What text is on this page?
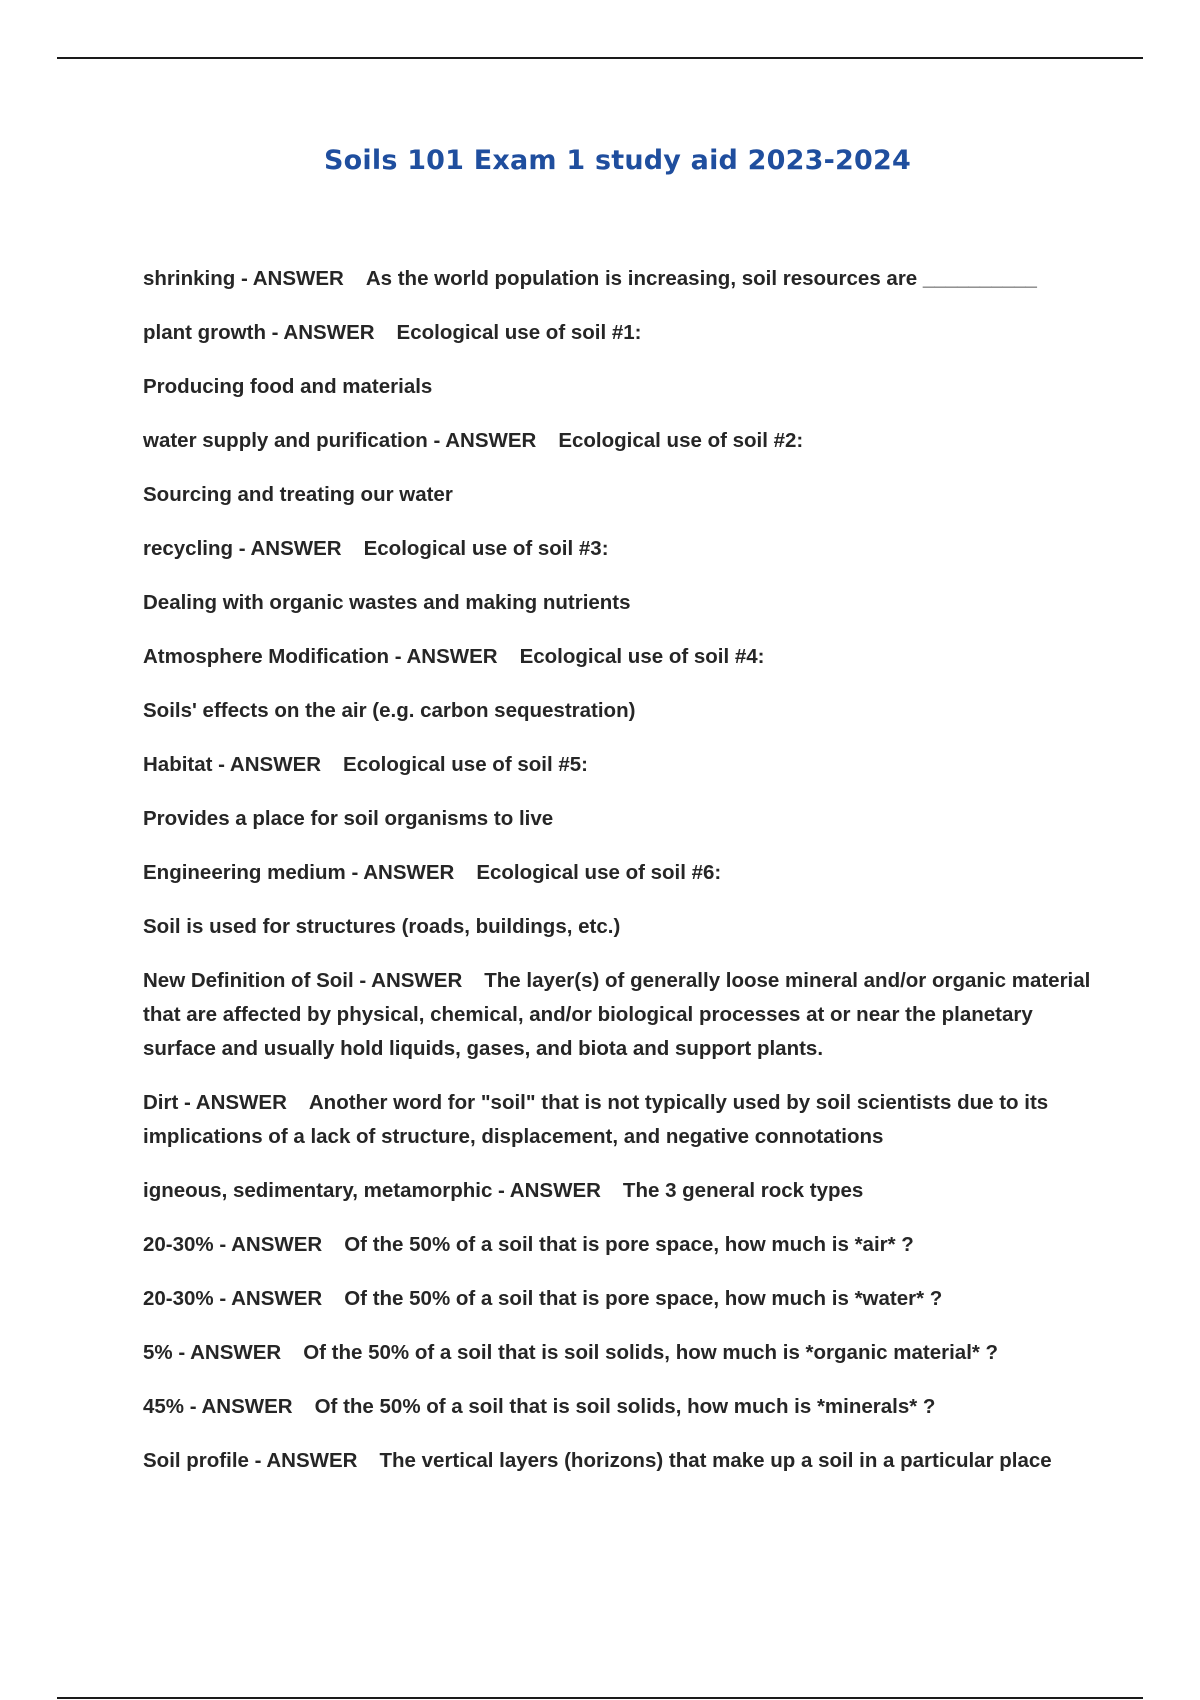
Soils 101 Exam 1 study aid 2023-2024
shrinking - ANSWER As the world population is increasing, soil resources are __________
plant growth - ANSWER Ecological use of soil #1:
Producing food and materials
water supply and purification - ANSWER Ecological use of soil #2:
Sourcing and treating our water
recycling - ANSWER Ecological use of soil #3:
Dealing with organic wastes and making nutrients
Atmosphere Modification - ANSWER Ecological use of soil #4:
Soils' effects on the air (e.g. carbon sequestration)
Habitat - ANSWER Ecological use of soil #5:
Provides a place for soil organisms to live
Engineering medium - ANSWER Ecological use of soil #6:
Soil is used for structures (roads, buildings, etc.)
New Definition of Soil - ANSWER The layer(s) of generally loose mineral and/or organic material that are affected by physical, chemical, and/or biological processes at or near the planetary surface and usually hold liquids, gases, and biota and support plants.
Dirt - ANSWER Another word for "soil" that is not typically used by soil scientists due to its implications of a lack of structure, displacement, and negative connotations
igneous, sedimentary, metamorphic - ANSWER The 3 general rock types
20-30% - ANSWER Of the 50% of a soil that is pore space, how much is *air* ?
20-30% - ANSWER Of the 50% of a soil that is pore space, how much is *water* ?
5% - ANSWER Of the 50% of a soil that is soil solids, how much is *organic material* ?
45% - ANSWER Of the 50% of a soil that is soil solids, how much is *minerals* ?
Soil profile - ANSWER The vertical layers (horizons) that make up a soil in a particular place
